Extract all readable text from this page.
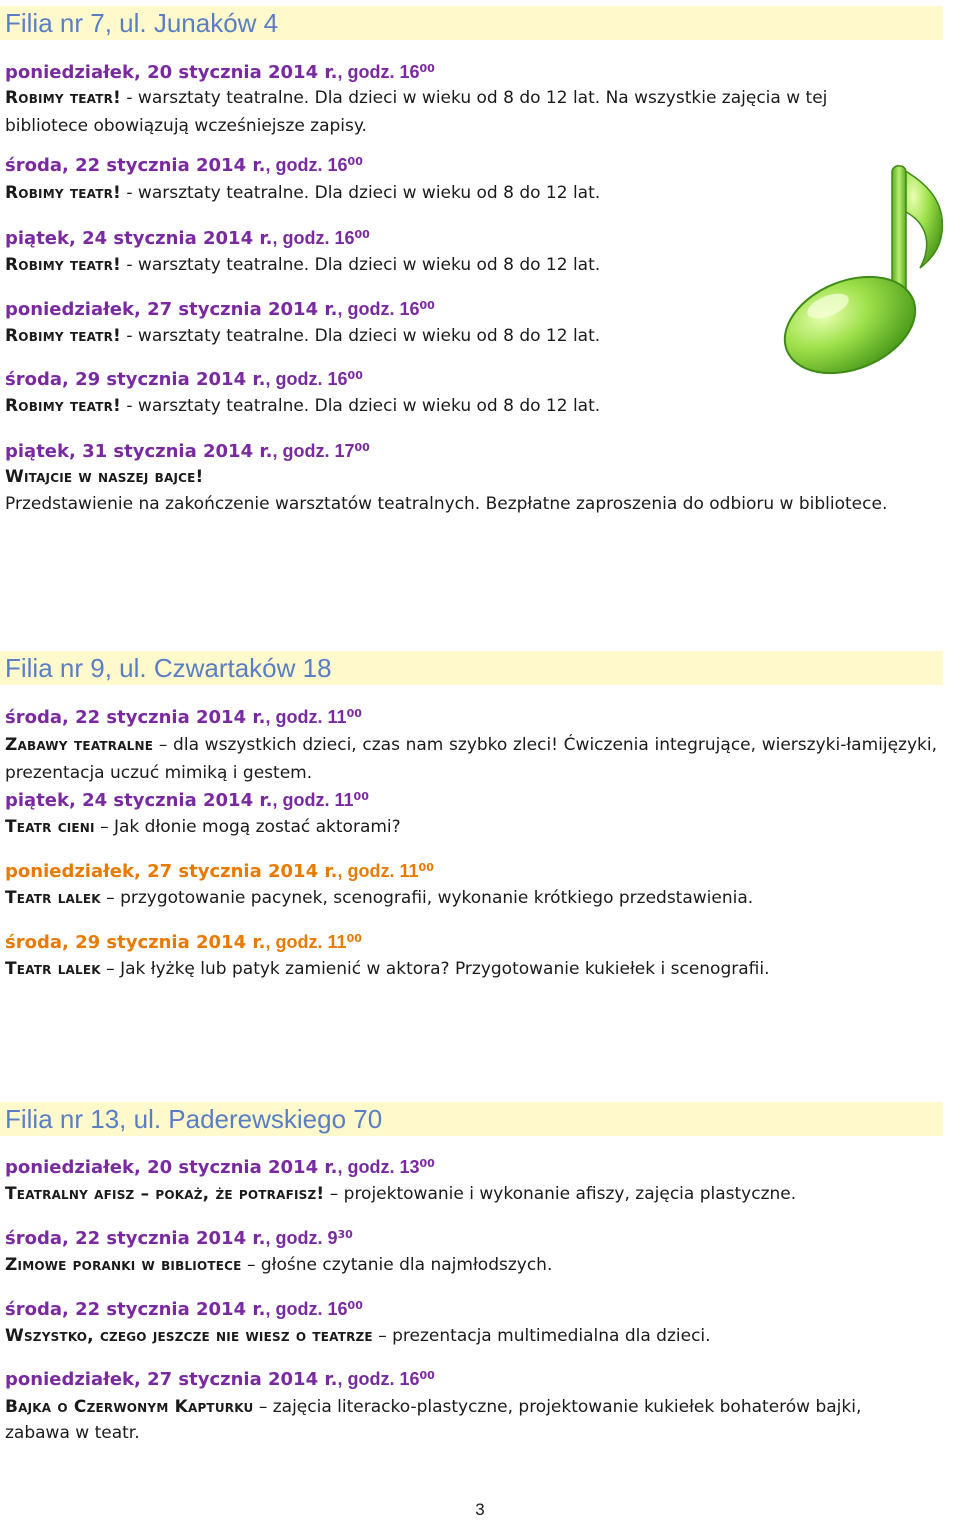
Filia nr 7, ul. Junaków 4
poniedziałek, 20 stycznia 2014 r., godz. $16^{00}$
Robimy teatr! - warsztaty teatralne. Dla dzieci w wieku od 8 do 12 lat. Na wszystkie zajęcia w tej bibliotece obowiązują wcześniejsze zapisy.
środa, 22 stycznia 2014 r., godz. $16^{00}$
Robimy teatr! - warsztaty teatralne. Dla dzieci w wieku od 8 do 12 lat.
piątek, 24 stycznia 2014 r., godz. $16^{00}$
Robimy teatr! - warsztaty teatralne. Dla dzieci w wieku od 8 do 12 lat.
poniedziałek, 27 stycznia 2014 r., godz. $16^{00}$
Robimy teatr! - warsztaty teatralne. Dla dzieci w wieku od 8 do 12 lat.
środa, 29 stycznia 2014 r., godz. $16^{00}$
Robimy teatr! - warsztaty teatralne. Dla dzieci w wieku od 8 do 12 lat.
piątek, 31 stycznia 2014 r., godz. $17^{00}$
Witajcie w naszej bajce!
Przedstawienie na zakończenie warsztatów teatralnych. Bezpłatne zaproszenia do odbioru w bibliotece.
Filia nr 9, ul. Czwartaków 18
środa, 22 stycznia 2014 r., godz. $11^{00}$
Zabawy teatralne – dla wszystkich dzieci, czas nam szybko zleci! Ćwiczenia integrujące, wierszyki-łamijęzyki, prezentacja uczuć mimiką i gestem.
piątek, 24 stycznia 2014 r., godz. $11^{00}$
Teatr cieni – Jak dłonie mogą zostać aktorami?
poniedziałek, 27 stycznia 2014 r., godz. $11^{00}$
Teatr lalek – przygotowanie pacynek, scenografii, wykonanie krótkiego przedstawienia.
środa, 29 stycznia 2014 r., godz. $11^{00}$
Teatr lalek – Jak łyżkę lub patyk zamienić w aktora? Przygotowanie kukiełek i scenografii.
Filia nr 13, ul. Paderewskiego 70
poniedziałek, 20 stycznia 2014 r., godz. $13^{00}$
Teatralny afisz – pokaż, że potrafisz! – projektowanie i wykonanie afiszy, zajęcia plastyczne.
środa, 22 stycznia 2014 r., godz. $9^{30}$
Zimowe poranki w bibliotece – głośne czytanie dla najmłodszych.
środa, 22 stycznia 2014 r., godz. $16^{00}$
Wszystko, czego jeszcze nie wiesz o teatrze – prezentacja multimedialna dla dzieci.
poniedziałek, 27 stycznia 2014 r., godz. $16^{00}$
Bajka o Czerwonym Kapturku – zajęcia literacko-plastyczne, projektowanie kukiełek bohaterów bajki, zabawa w teatr.
3
